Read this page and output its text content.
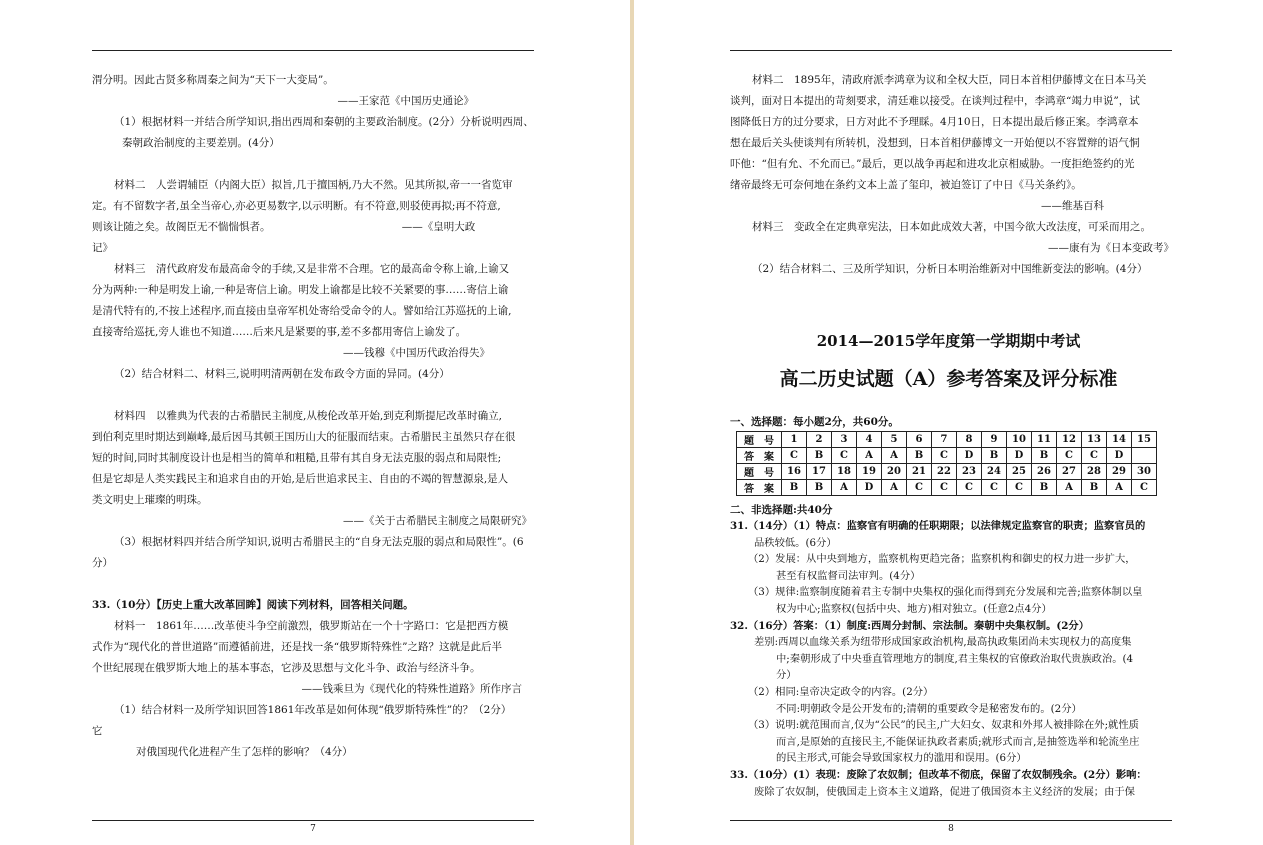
渭分明。因此古贤多称周秦之间为“天下一大变局”。
——王家范《中国历史通论》
（1）根据材料一并结合所学知识,指出西周和秦朝的主要政治制度。(2分）分析说明西周、
秦朝政治制度的主要差别。(4分）
材料二　人尝谓辅臣（内阁大臣）拟旨,几于擅国柄,乃大不然。见其所拟,帝一一省览审
定。有不留数字者,虽全当帝心,亦必更易数字,以示明断。有不符意,则驳使再拟;再不符意,
则该让随之矣。故阁臣无不惴惴惧者。　　　　　　　　　　　　　——《皇明大政
记》
材料三　清代政府发布最高命令的手续,又是非常不合理。它的最高命令称上谕,上谕又
分为两种:一种是明发上谕,一种是寄信上谕。明发上谕都是比较不关紧要的事……寄信上谕
是清代特有的,不按上述程序,而直接由皇帝军机处寄给受命令的人。譬如给江苏巡抚的上谕,
直接寄给巡抚,旁人谁也不知道……后来凡是紧要的事,差不多都用寄信上谕发了。
——钱穆《中国历代政治得失》
（2）结合材料二、材料三,说明明清两朝在发布政令方面的异同。(4分）
材料四　以雅典为代表的古希腊民主制度,从梭伦改革开始,到克利斯提尼改革时确立,
到伯利克里时期达到巅峰,最后因马其顿王国历山大的征服而结束。古希腊民主虽然只存在很
短的时间,同时其制度设计也是相当的简单和粗糙,且带有其自身无法克服的弱点和局限性;
但是它却是人类实践民主和追求自由的开始,是后世追求民主、自由的不竭的智慧源泉,是人
类文明史上璀璨的明珠。
——《关于古希腊民主制度之局限研究》
（3）根据材料四并结合所学知识,说明古希腊民主的“自身无法克服的弱点和局限性”。(6
分）
33.（10分）【历史上重大改革回眸】阅读下列材料，回答相关问题。
材料一　1861年……改革使斗争空前激烈，俄罗斯站在一个十字路口：它是把西方模
式作为“现代化的普世道路”而遵循前进，还是找一条“俄罗斯特殊性”之路？这就是此后半
个世纪展现在俄罗斯大地上的基本事态，它涉及思想与文化斗争、政治与经济斗争。
——钱乘旦为《现代化的特殊性道路》所作序言
（1）结合材料一及所学知识回答1861年改革是如何体现“俄罗斯特殊性”的？（2分）
它
对俄国现代化进程产生了怎样的影响？（4分）
7
材料二　1895年，清政府派李鸿章为议和全权大臣，同日本首相伊藤博文在日本马关
谈判，面对日本提出的苛刻要求，清廷难以接受。在谈判过程中，李鸿章“竭力申说”，试
图降低日方的过分要求，日方对此不予理睬。4月10日，日本提出最后修正案。李鸿章本
想在最后关头使谈判有所转机，没想到，日本首相伊藤博文一开始便以不容置辩的语气恫
吓他：“但有允、不允而已。”最后，更以战争再起和进攻北京相威胁。一度拒绝签约的光
绪帝最终无可奈何地在条约文本上盖了玺印，被迫签订了中日《马关条约》。
——维基百科
材料三　变政全在定典章宪法，日本如此成效大著，中国今欲大改法度，可采而用之。
——康有为《日本变政考》
（2）结合材料二、三及所学知识，分析日本明治维新对中国维新变法的影响。(4分）
2014—2015学年度第一学期期中考试
高二历史试题（A）参考答案及评分标准
一、选择题：每小题2分，共60分。
题　号	1	2	3	4	5	6	7	8	9	10	11	12	13	14	15
答　案	C	B	C	A	A	B	C	D	B	D	B	C	C	D	
题　号	16	17	18	19	20	21	22	23	24	25	26	27	28	29	30
答　案	B	B	A	D	A	C	C	C	C	C	B	A	B	A	C
二、非选择题:共40分
31.（14分）（1）特点：监察官有明确的任职期限；以法律规定监察官的职责；监察官员的
品秩较低。(6分）
（2）发展：从中央到地方，监察机构更趋完备；监察机构和御史的权力进一步扩大，
甚至有权监督司法审判。(4分）
（3）规律:监察制度随着君主专制中央集权的强化而得到充分发展和完善;监察体制以皇
权为中心;监察权(包括中央、地方)相对独立。(任意2点4分）
32.（16分）答案：（1）制度:西周分封制、宗法制。秦朝中央集权制。(2分）
差别:西周以血缘关系为纽带形成国家政治机构,最高执政集团尚未实现权力的高度集
中;秦朝形成了中央垂直管理地方的制度,君主集权的官僚政治取代贵族政治。(4
分）
（2）相同:皇帝决定政令的内容。(2分）
不同:明朝政令是公开发布的;清朝的重要政令是秘密发布的。(2分）
（3）说明:就范围而言,仅为“公民”的民主,广大妇女、奴隶和外邦人被排除在外;就性质
而言,是原始的直接民主,不能保证执政者素质;就形式而言,是抽签选举和轮流坐庄
的民主形式,可能会导致国家权力的滥用和误用。(6分）
33.（10分）(1）表现：废除了农奴制；但改革不彻底，保留了农奴制残余。(2分）影响：
废除了农奴制，使俄国走上资本主义道路，促进了俄国资本主义经济的发展；由于保
8
